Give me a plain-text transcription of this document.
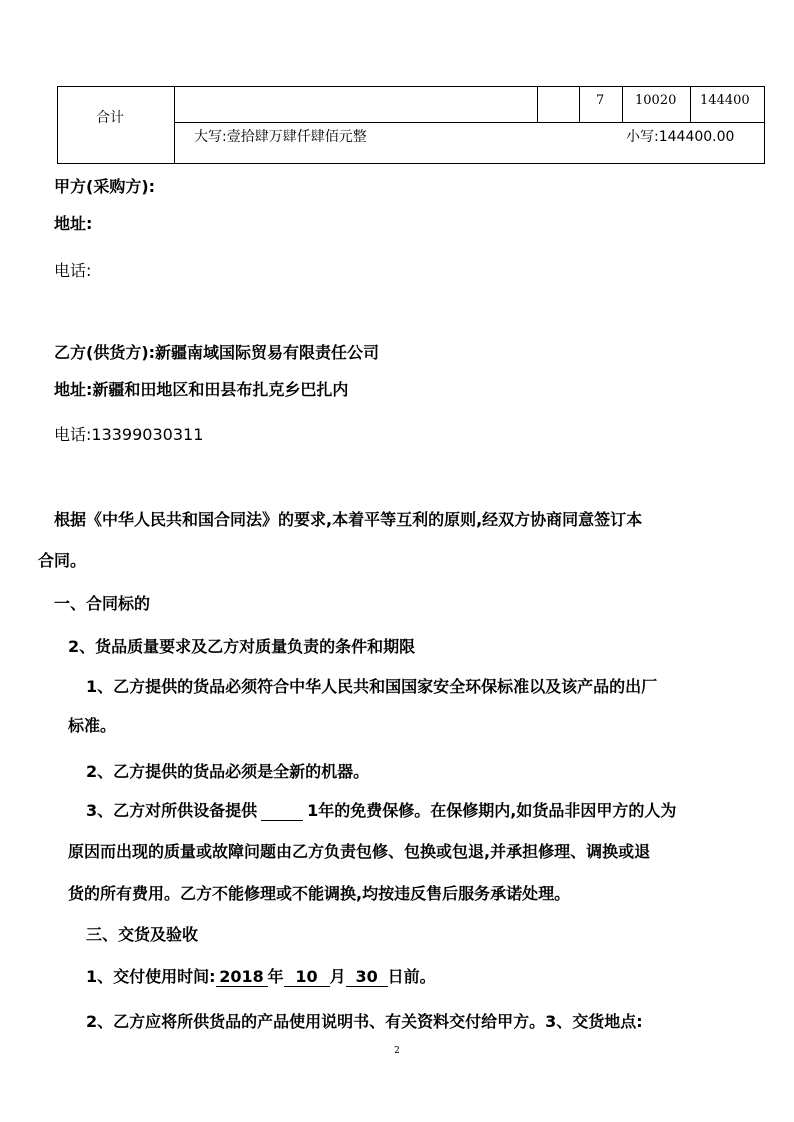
合计
7 10020 144400
大写:壹拾肆万肆仟肆佰元整	小写:144400.00
甲方(采购方):
地址:
电话:
乙方(供货方):新疆南域国际贸易有限责任公司
地址:新疆和田地区和田县布扎克乡巴扎内
电话:13399030311
根据《中华人民共和国合同法》的要求,本着平等互利的原则,经双方协商同意签订本
合同。
一、合同标的
2、货品质量要求及乙方对质量负责的条件和期限
1、乙方提供的货品必须符合中华人民共和国国家安全环保标准以及该产品的出厂
标准。
2、乙方提供的货品必须是全新的机器。
3、乙方对所供设备提供	1年的免费保修。在保修期内,如货品非因甲方的人为
原因而出现的质量或故障问题由乙方负责包修、包换或包退,并承担修理、调换或退
货的所有费用。乙方不能修理或不能调换,均按违反售后服务承诺处理。
三、交货及验收
1、交付使用时间: 2018 年 10 月 30 日前。
2、乙方应将所供货品的产品使用说明书、有关资料交付给甲方。3、交货地点:
2
